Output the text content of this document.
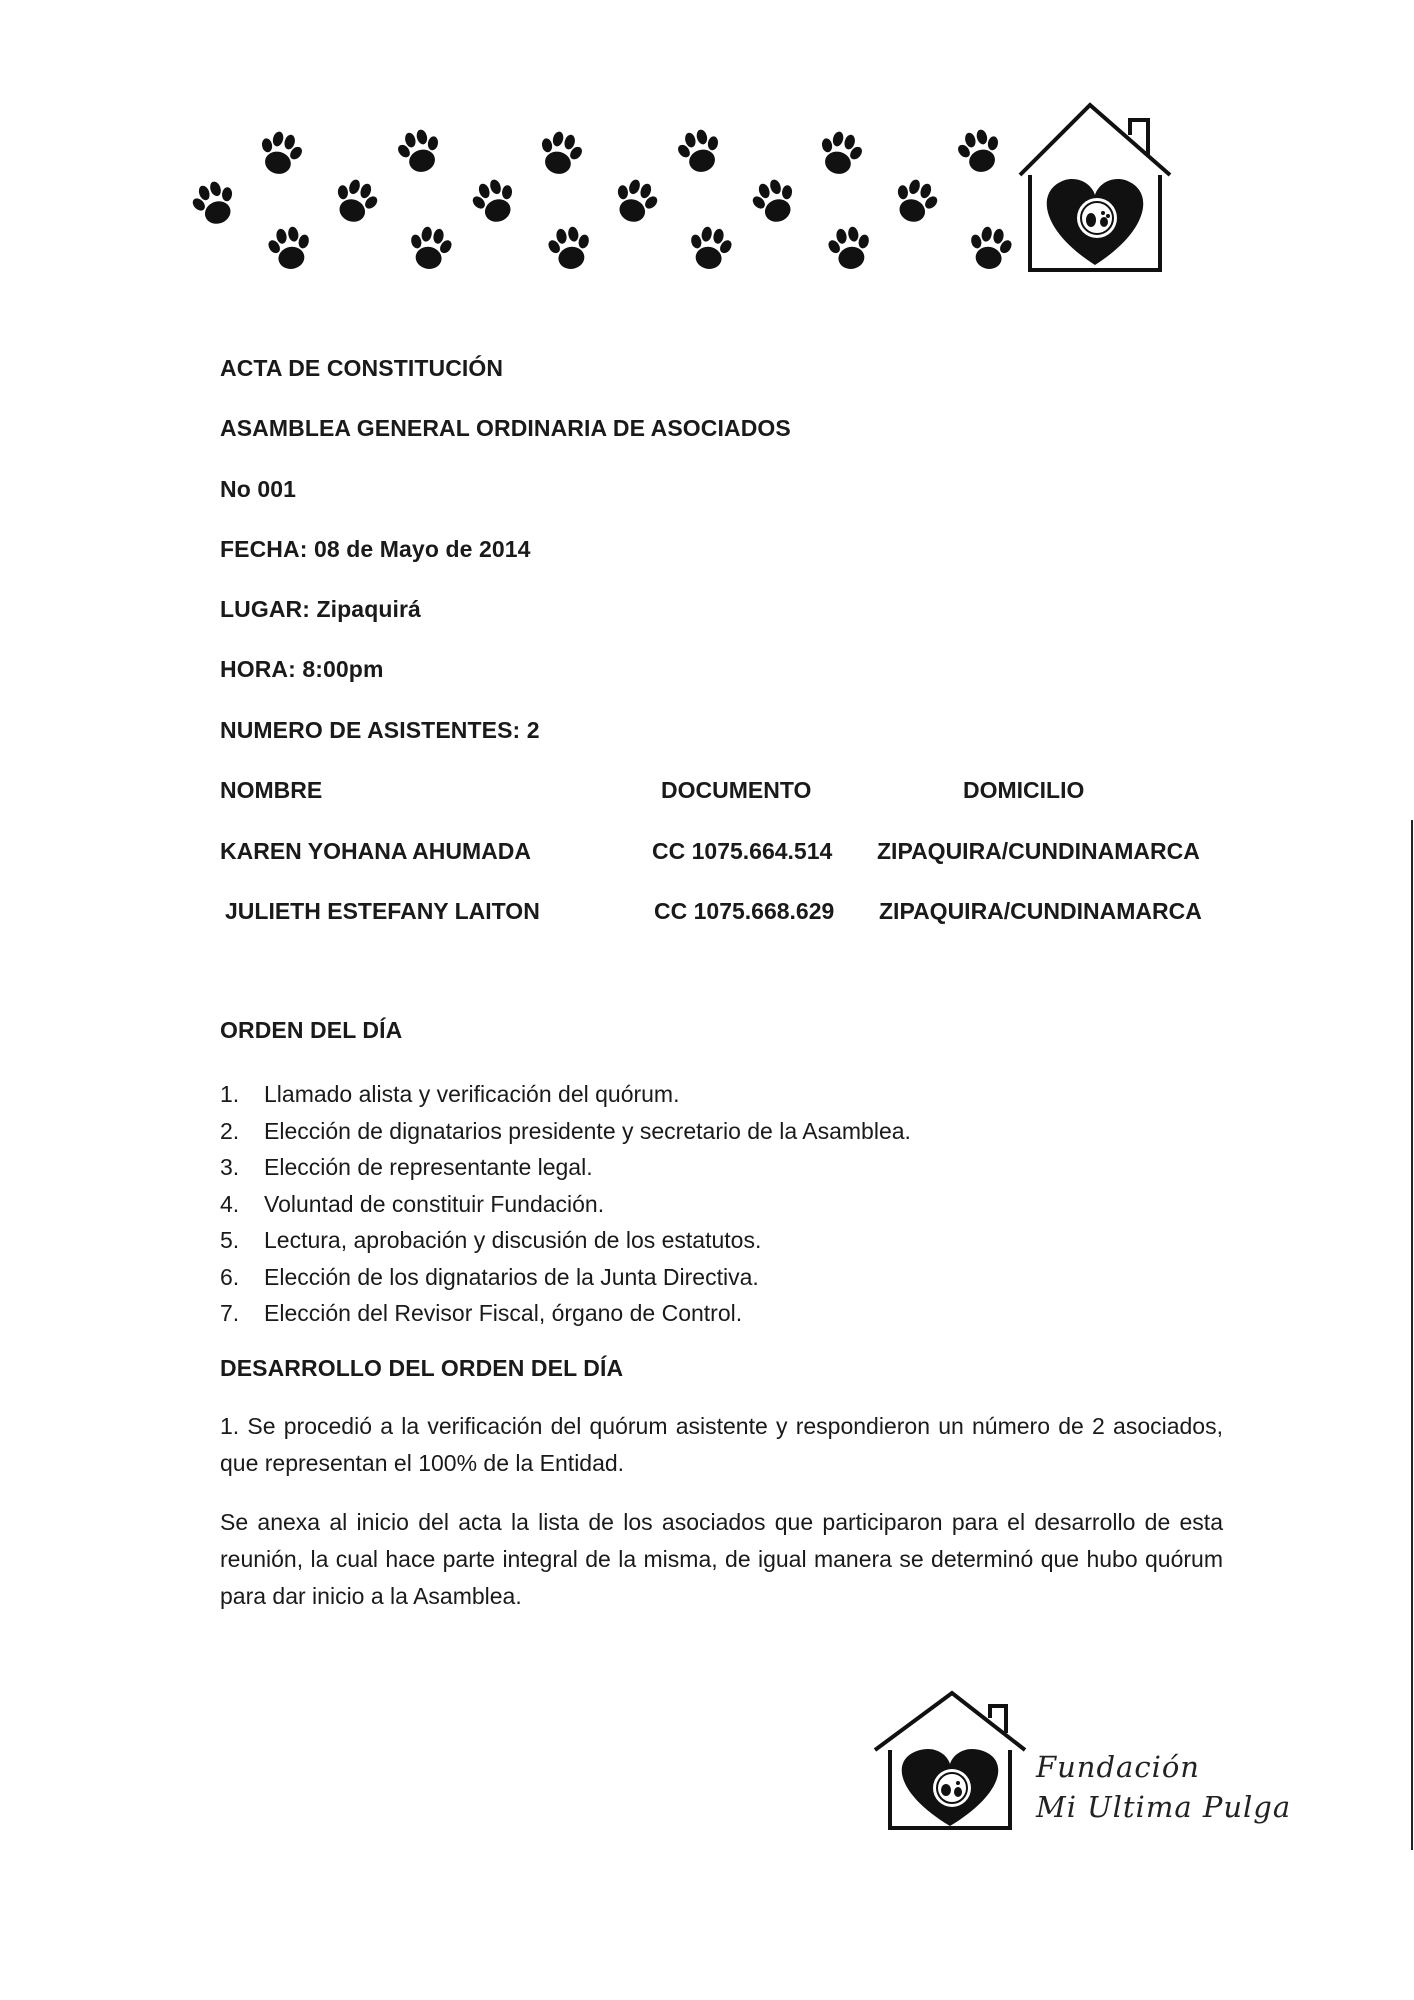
ACTA DE CONSTITUCIÓN
ASAMBLEA GENERAL ORDINARIA DE ASOCIADOS
No 001
FECHA: 08 de Mayo de 2014
LUGAR: Zipaquirá
HORA: 8:00pm
NUMERO DE ASISTENTES: 2
NOMBRE	DOCUMENTO	DOMICILIO
KAREN YOHANA AHUMADA	CC 1075.664.514 ZIPAQUIRA/CUNDINAMARCA
JULIETH ESTEFANY LAITON	CC 1075.668.629 ZIPAQUIRA/CUNDINAMARCA
ORDEN DEL DÍA
1. Llamado alista y verificación del quórum.
2. Elección de dignatarios presidente y secretario de la Asamblea.
3. Elección de representante legal.
4. Voluntad de constituir Fundación.
5. Lectura, aprobación y discusión de los estatutos.
6. Elección de los dignatarios de la Junta Directiva.
7. Elección del Revisor Fiscal, órgano de Control.
DESARROLLO DEL ORDEN DEL DÍA

1. Se procedió a la verificación del quórum asistente y respondieron un número de 2 asociados, que representan el 100% de la Entidad.

Se anexa al inicio del acta la lista de los asociados que participaron para el desarrollo de esta reunión, la cual hace parte integral de la misma, de igual manera se determinó que hubo quórum para dar inicio a la Asamblea.

Fundación
Mi Ultima Pulga
